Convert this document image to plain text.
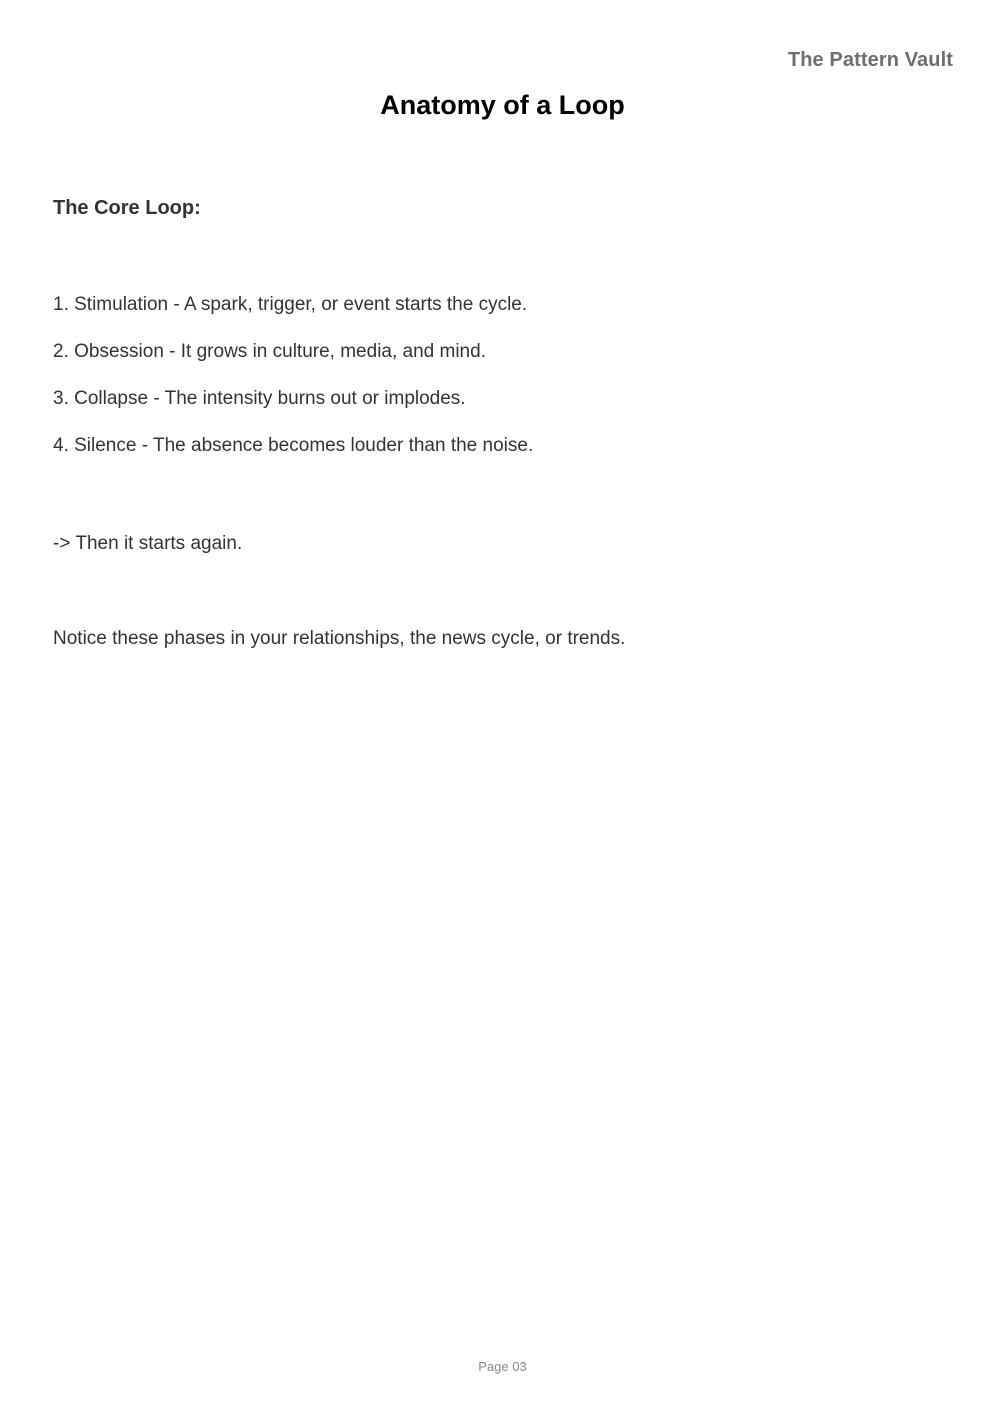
The Pattern Vault
Anatomy of a Loop
The Core Loop:
1. Stimulation - A spark, trigger, or event starts the cycle.
2. Obsession - It grows in culture, media, and mind.
3. Collapse - The intensity burns out or implodes.
4. Silence - The absence becomes louder than the noise.
-> Then it starts again.
Notice these phases in your relationships, the news cycle, or trends.
Page 03
